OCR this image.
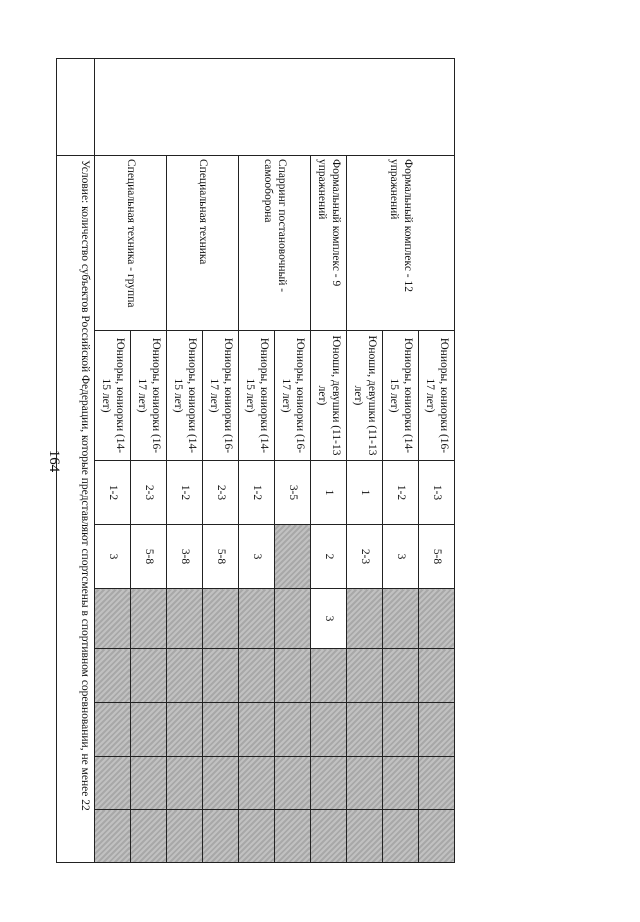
164
	Формальный комплекс - 12 упражнений	Юниоры, юниорки (16-17 лет)	1-3	5-8					
		Юниоры, юниорки (14-15 лет)	1-2	3					
		Юноши, девушки (11-13 лет)	1	2-3					
	Формальный комплекс - 9 упражнений	Юноши, девушки (11-13 лет)	1	2	3				
	Спарринг постановочный - самооборона	Юниоры, юниорки (16-17 лет)	3-5						
		Юниоры, юниорки (14-15 лет)	1-2	3					
	Специальная техника	Юниоры, юниорки (16-17 лет)	2-3	5-8					
		Юниоры, юниорки (14-15 лет)	1-2	3-8					
	Специальная техника - группа	Юниоры, юниорки (16-17 лет)	2-3	5-8					
		Юниоры, юниорки (14-15 лет)	1-2	3					
	Условие: количество субъектов Российской Федерации, которые представляют спортсмены в спортивном соревновании, не менее 22								
